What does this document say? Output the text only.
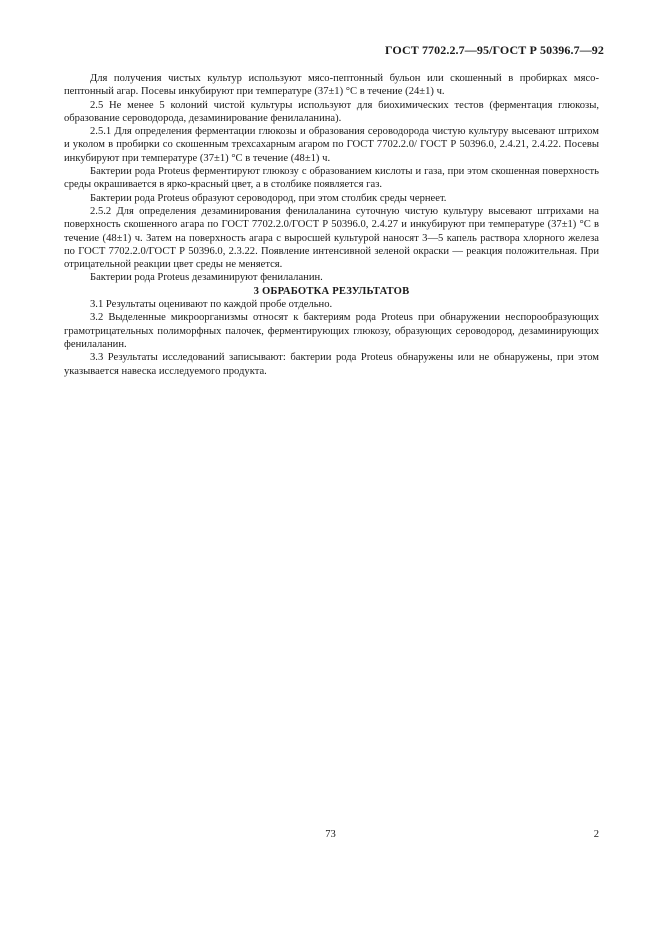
ГОСТ 7702.2.7—95/ГОСТ Р 50396.7—92

Для получения чистых культур используют мясо-пептонный бульон или скошенный в пробирках мясо-пептонный агар. Посевы инкубируют при температуре (37±1) °С в течение (24±1) ч.

2.5 Не менее 5 колоний чистой культуры используют для биохимических тестов (ферментация глюкозы, образование сероводорода, дезаминирование фенилаланина).

2.5.1 Для определения ферментации глюкозы и образования сероводорода чистую культуру высевают штрихом и уколом в пробирки со скошенным трехсахарным агаром по ГОСТ 7702.2.0/ ГОСТ Р 50396.0, 2.4.21, 2.4.22. Посевы инкубируют при температуре (37±1) °С в течение (48±1) ч.

Бактерии рода Proteus ферментируют глюкозу с образованием кислоты и газа, при этом скошенная поверхность среды окрашивается в ярко-красный цвет, а в столбике появляется газ.

Бактерии рода Proteus образуют сероводород, при этом столбик среды чернеет.

2.5.2 Для определения дезаминирования фенилаланина суточную чистую культуру высевают штрихами на поверхность скошенного агара по ГОСТ 7702.2.0/ГОСТ Р 50396.0, 2.4.27 и инкубируют при температуре (37±1) °С в течение (48±1) ч. Затем на поверхность агара с выросшей культурой наносят 3—5 капель раствора хлорного железа по ГОСТ 7702.2.0/ГОСТ Р 50396.0, 2.3.22. Появление интенсивной зеленой окраски — реакция положительная. При отрицательной реакции цвет среды не меняется.

Бактерии рода Proteus дезаминируют фенилаланин.

3 ОБРАБОТКА РЕЗУЛЬТАТОВ

3.1 Результаты оценивают по каждой пробе отдельно.

3.2 Выделенные микроорганизмы относят к бактериям рода Proteus при обнаружении неспорообразующих грамотрицательных полиморфных палочек, ферментирующих глюкозу, образующих сероводород, дезаминирующих фенилаланин.

3.3 Результаты исследований записывают: бактерии рода Proteus обнаружены или не обнаружены, при этом указывается навеска исследуемого продукта.

73	2
